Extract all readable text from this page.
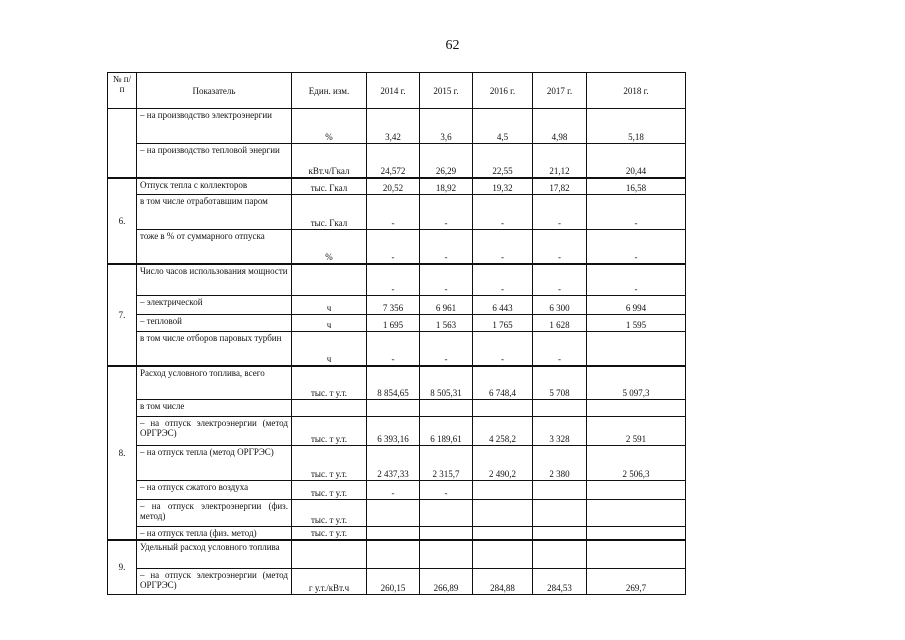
62
№ п/п	Показатель	Един. изм.	2014 г.	2015 г.	2016 г.	2017 г.	2018 г.
	– на производство электроэнергии	%	3,42	3,6	4,5	4,98	5,18
	– на производство тепловой энергии	кВт.ч/Гкал	24,572	26,29	22,55	21,12	20,44
6.	Отпуск тепла с коллекторов	тыс. Гкал	20,52	18,92	19,32	17,82	16,58
	в том числе отработавшим паром	тыс. Гкал	-	-	-	-	-
	тоже в % от суммарного отпуска	%	-	-	-	-	-
7.	Число часов использования мощности		-	-	-	-	-
	– электрической	ч	7 356	6 961	6 443	6 300	6 994
	– тепловой	ч	1 695	1 563	1 765	1 628	1 595
	в том числе отборов паровых турбин	ч	-	-	-	-	
8.	Расход условного топлива, всего	тыс. т у.т.	8 854,65	8 505,31	6 748,4	5 708	5 097,3
	в том числе						
	– на отпуск электроэнергии (метод ОРГРЭС)	тыс. т у.т.	6 393,16	6 189,61	4 258,2	3 328	2 591
	– на отпуск тепла (метод ОРГРЭС)	тыс. т у.т.	2 437,33	2 315,7	2 490,2	2 380	2 506,3
	– на отпуск сжатого воздуха	тыс. т у.т.	-	-			
	– на отпуск электроэнергии (физ. метод)	тыс. т у.т.					
	– на отпуск тепла (физ. метод)	тыс. т у.т.					
9.	Удельный расход условного топлива						
	– на отпуск электроэнергии (метод ОРГРЭС)	г у.т./кВт.ч	260,15	266,89	284,88	284,53	269,7
